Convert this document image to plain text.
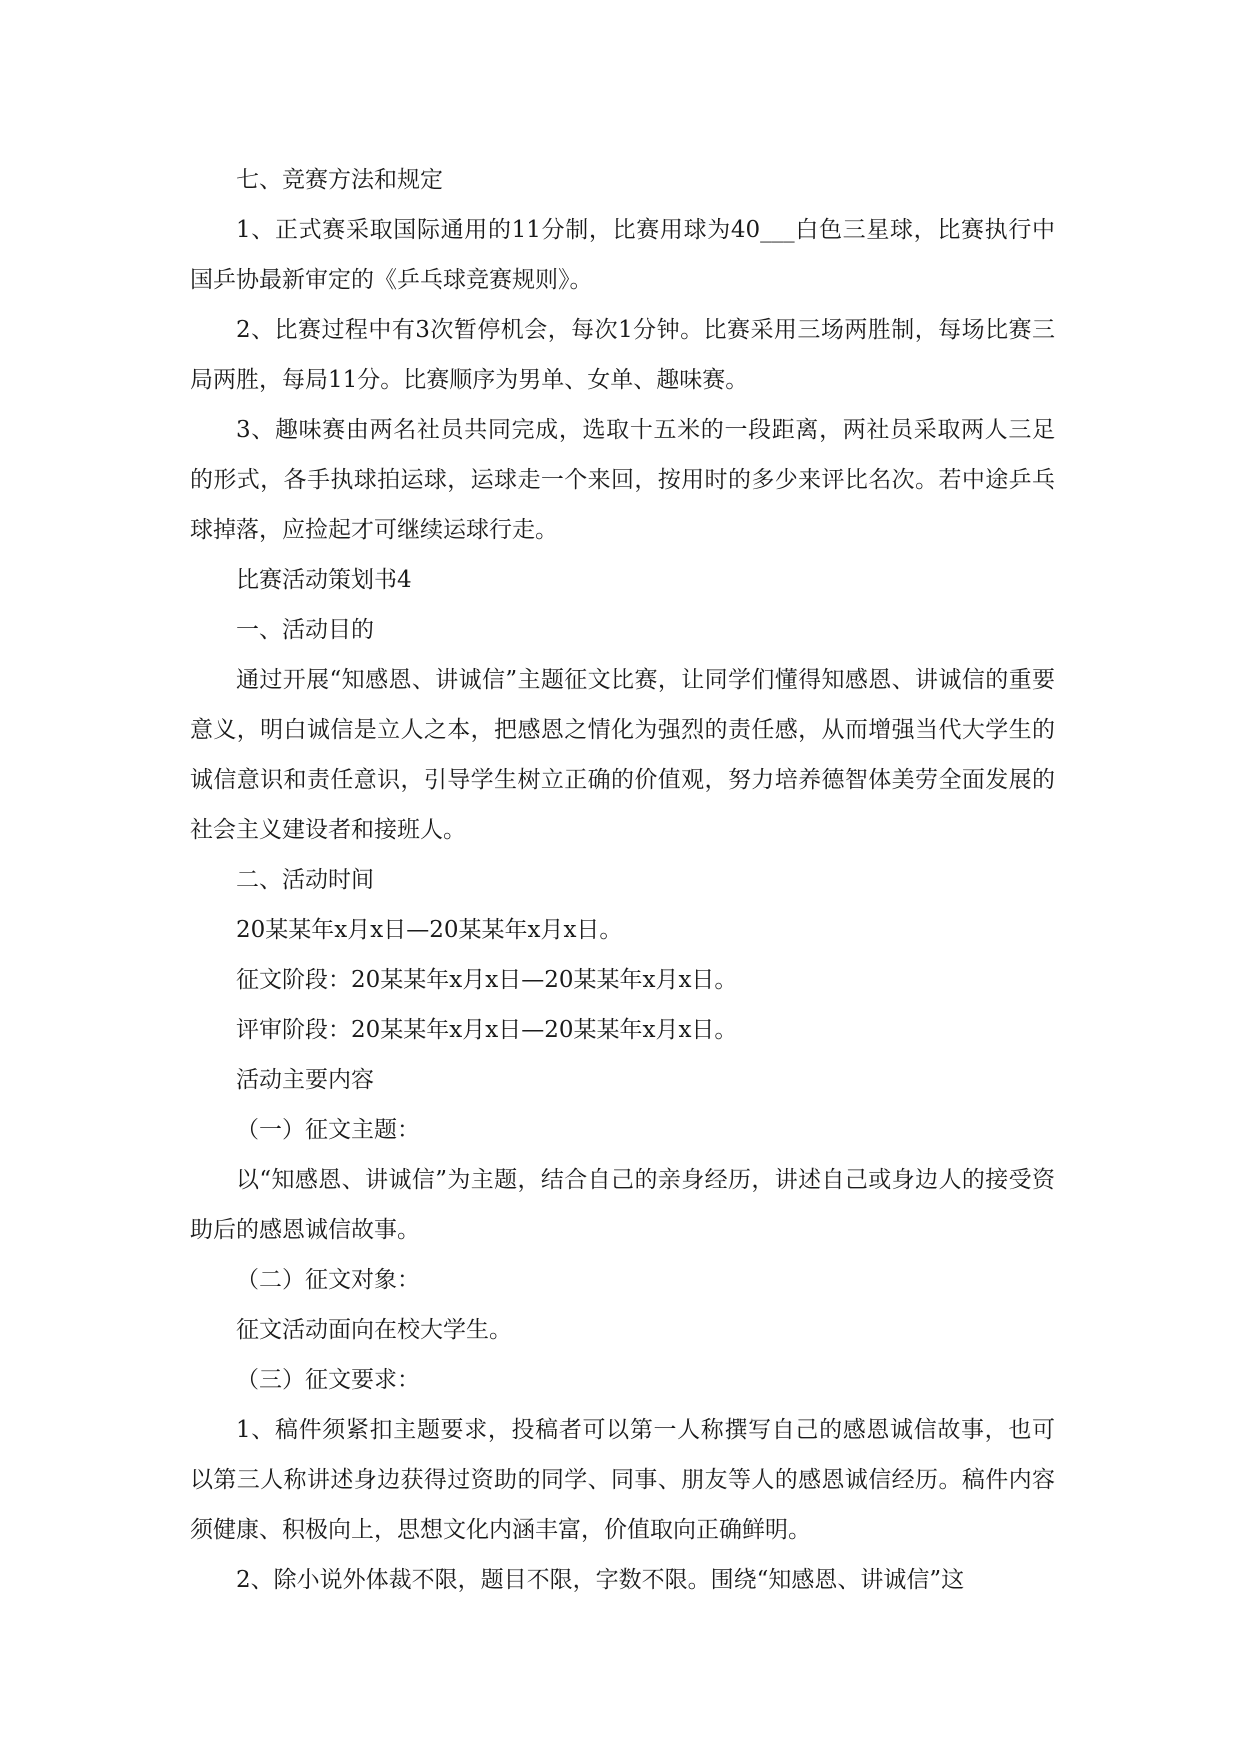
七、竞赛方法和规定

1、正式赛采取国际通用的11分制，比赛用球为40___白色三星球，比赛执行中国乒协最新审定的《乒乓球竞赛规则》。

2、比赛过程中有3次暂停机会，每次1分钟。比赛采用三场两胜制，每场比赛三局两胜，每局11分。比赛顺序为男单、女单、趣味赛。

3、趣味赛由两名社员共同完成，选取十五米的一段距离，两社员采取两人三足的形式，各手执球拍运球，运球走一个来回，按用时的多少来评比名次。若中途乒乓球掉落，应捡起才可继续运球行走。

比赛活动策划书4

一、活动目的

通过开展“知感恩、讲诚信”主题征文比赛，让同学们懂得知感恩、讲诚信的重要意义，明白诚信是立人之本，把感恩之情化为强烈的责任感，从而增强当代大学生的诚信意识和责任意识，引导学生树立正确的价值观，努力培养德智体美劳全面发展的社会主义建设者和接班人。

二、活动时间

20某某年x月x日—20某某年x月x日。

征文阶段：20某某年x月x日—20某某年x月x日。

评审阶段：20某某年x月x日—20某某年x月x日。

活动主要内容

（一）征文主题：

以“知感恩、讲诚信”为主题，结合自己的亲身经历，讲述自己或身边人的接受资助后的感恩诚信故事。

（二）征文对象：

征文活动面向在校大学生。

（三）征文要求：

1、稿件须紧扣主题要求，投稿者可以第一人称撰写自己的感恩诚信故事，也可以第三人称讲述身边获得过资助的同学、同事、朋友等人的感恩诚信经历。稿件内容须健康、积极向上，思想文化内涵丰富，价值取向正确鲜明。

2、除小说外体裁不限，题目不限，字数不限。围绕“知感恩、讲诚信”这
